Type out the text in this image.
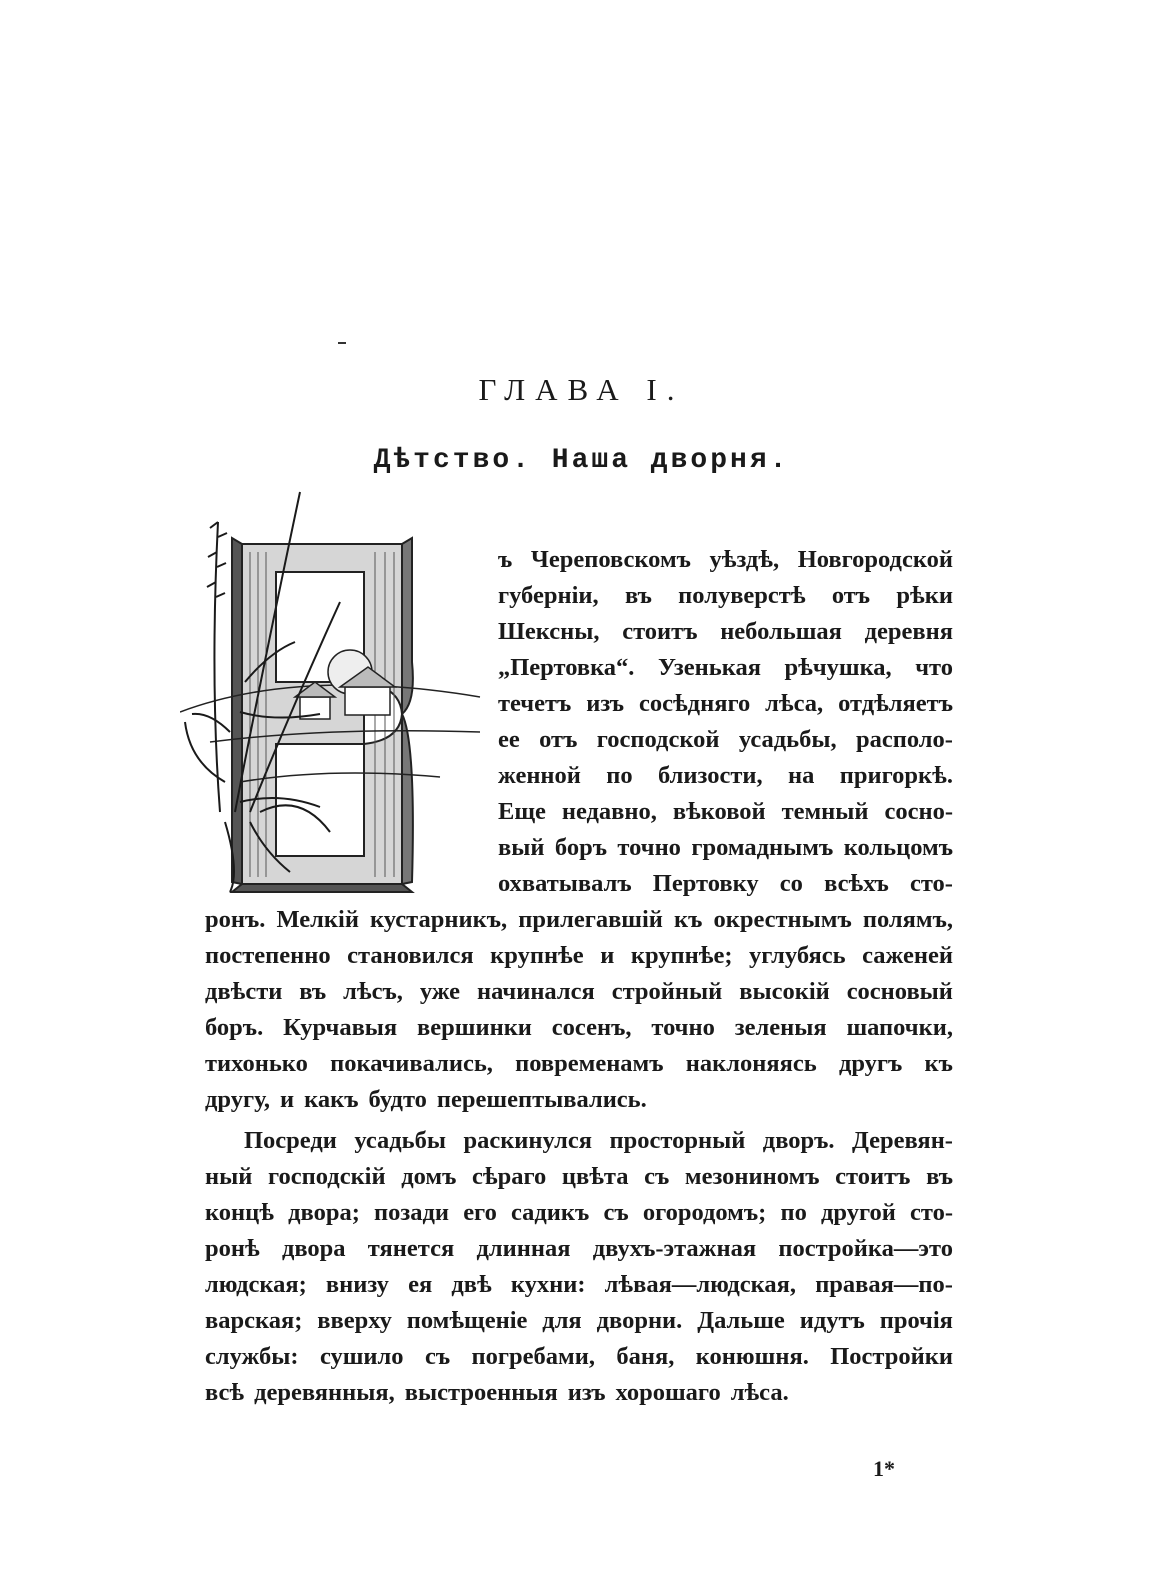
ГЛАВА I.
Дѣтство. Наша дворня.
ъ Череповскомъ уѣздѣ, Новгородской
губерніи, въ полуверстѣ отъ рѣки
Шексны, стоитъ небольшая деревня
„Пертовка“. Узенькая рѣчушка, что
течетъ изъ сосѣдняго лѣса, отдѣляетъ
ее отъ господской усадьбы, располо-
женной по близости, на пригоркѣ.
Еще недавно, вѣковой темный сосно-
вый боръ точно громаднымъ кольцомъ
охватывалъ Пертовку со всѣхъ сто-
ронъ. Мелкій кустарникъ, прилегавшій къ окрестнымъ полямъ,
постепенно становился крупнѣе и крупнѣе; углубясь саженей
двѣсти въ лѣсъ, уже начинался стройный высокій сосновый
боръ. Курчавыя вершинки сосенъ, точно зеленыя шапочки,
тихонько покачивались, повременамъ наклоняясь другъ къ
другу, и какъ будто перешептывались.
Посреди усадьбы раскинулся просторный дворъ. Деревян-
ный господскій домъ сѣраго цвѣта съ мезониномъ стоитъ въ
концѣ двора; позади его садикъ съ огородомъ; по другой сто-
ронѣ двора тянется длинная двухъ-этажная постройка—это
людская; внизу ея двѣ кухни: лѣвая—людская, правая—по-
варская; вверху помѣщеніе для дворни. Дальше идутъ прочія
службы: сушило съ погребами, баня, конюшня. Постройки
всѣ деревянныя, выстроенныя изъ хорошаго лѣса.
1*
